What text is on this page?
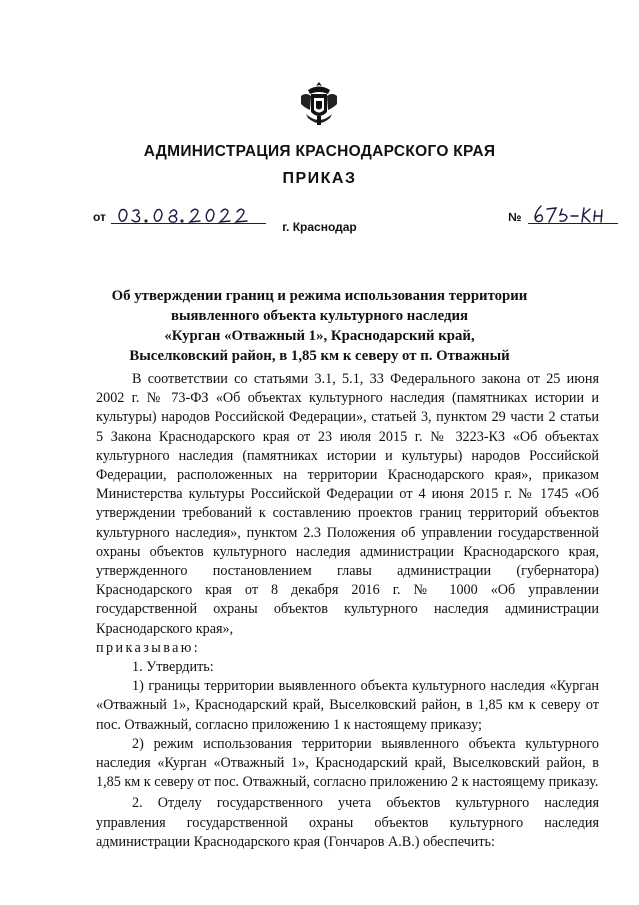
АДМИНИСТРАЦИЯ КРАСНОДАРСКОГО КРАЯ
ПРИКАЗ
от	№
г. Краснодар
Об утверждении границ и режима использования территории
выявленного объекта культурного наследия
«Курган «Отважный 1», Краснодарский край,
Выселковский район, в 1,85 км к северу от п. Отважный

В соответствии со статьями 3.1, 5.1, 33 Федерального закона от 25 июня 2002 г. № 73-ФЗ «Об объектах культурного наследия (памятниках истории и культуры) народов Российской Федерации», статьей 3, пунктом 29 части 2 статьи 5 Закона Краснодарского края от 23 июля 2015 г. № 3223-КЗ «Об объектах культурного наследия (памятниках истории и культуры) народов Российской Федерации, расположенных на территории Краснодарского края», приказом Министерства культуры Российской Федерации от 4 июня 2015 г. № 1745 «Об утверждении требований к составлению проектов границ территорий объектов культурного наследия», пунктом 2.3 Положения об управлении государственной охраны объектов культурного наследия администрации Краснодарского края, утвержденного постановлением главы администрации (губернатора) Краснодарского края от 8 декабря 2016 г. № 1000 «Об управлении государственной охраны объектов культурного наследия администрации Краснодарского края»,

приказываю:

1. Утвердить:

1) границы территории выявленного объекта культурного наследия «Курган «Отважный 1», Краснодарский край, Выселковский район, в 1,85 км к северу от пос. Отважный, согласно приложению 1 к настоящему приказу;

2) режим использования территории выявленного объекта культурного наследия «Курган «Отважный 1», Краснодарский край, Выселковский район, в 1,85 км к северу от пос. Отважный, согласно приложению 2 к настоящему приказу.

2. Отделу государственного учета объектов культурного наследия управления государственной охраны объектов культурного наследия администрации Краснодарского края (Гончаров А.В.) обеспечить:
